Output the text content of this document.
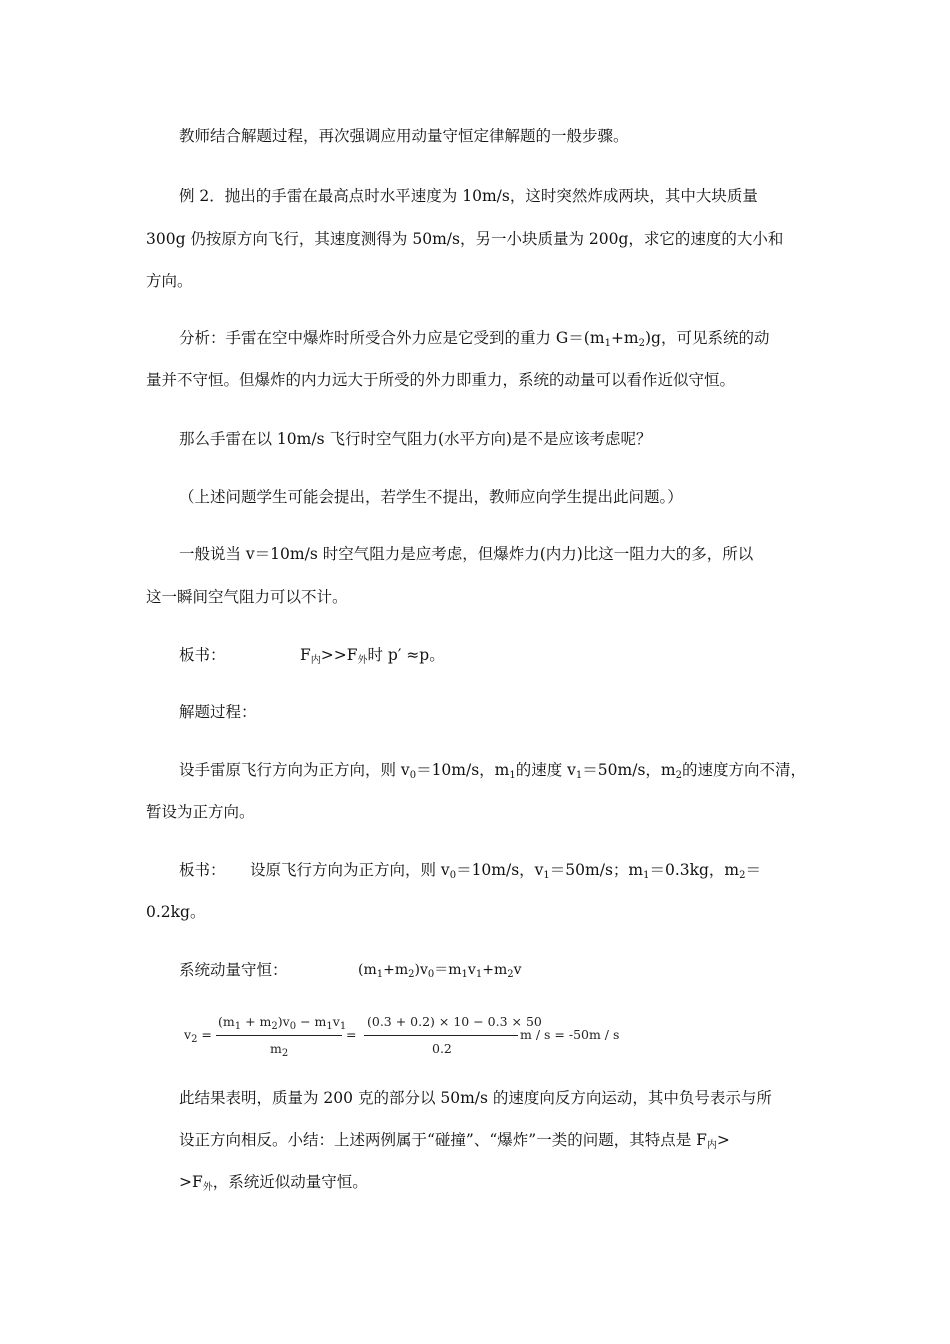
教师结合解题过程，再次强调应用动量守恒定律解题的一般步骤。
例 2．抛出的手雷在最高点时水平速度为 10m/s，这时突然炸成两块，其中大块质量
300g 仍按原方向飞行，其速度测得为 50m/s，另一小块质量为 200g，求它的速度的大小和
方向。
分析：手雷在空中爆炸时所受合外力应是它受到的重力 $G=(m_1+m_2)g$，可见系统的动
量并不守恒。但爆炸的内力远大于所受的外力即重力，系统的动量可以看作近似守恒。
那么手雷在以 10m/s 飞行时空气阻力(水平方向)是不是应该考虑呢？
（上述问题学生可能会提出，若学生不提出，教师应向学生提出此问题。）
一般说当 v＝10m/s 时空气阻力是应考虑，但爆炸力(内力)比这一阻力大的多，所以
这一瞬间空气阻力可以不计。
板书：	$F_内>>F_外$时 p′ ≈p。
解题过程：
设手雷原飞行方向为正方向，则 $v_0=10m/s$，$m_1$的速度 $v_1=50m/s$，$m_2$的速度方向不清，
暂设为正方向。
板书： 设原飞行方向为正方向，则 $v_0=10m/s$，$v_1=50m/s$；$m_1=0.3kg$，$m_2=$
0.2kg。
系统动量守恒：	$(m_1+m_2)v_0=m_1v_1+m_2v$
$v_2$ =
$(m_1 + m_2)v_0 - m_1v_1$
$m_2$
=
(0.3 + 0.2) × 10 − 0.3 × 50
0.2
m / s = -50m / s
此结果表明，质量为 200 克的部分以 50m/s 的速度向反方向运动，其中负号表示与所
设正方向相反。小结：上述两例属于“碰撞”、“爆炸”一类的问题，其特点是 $F_内>$
$>F_外$，系统近似动量守恒。
